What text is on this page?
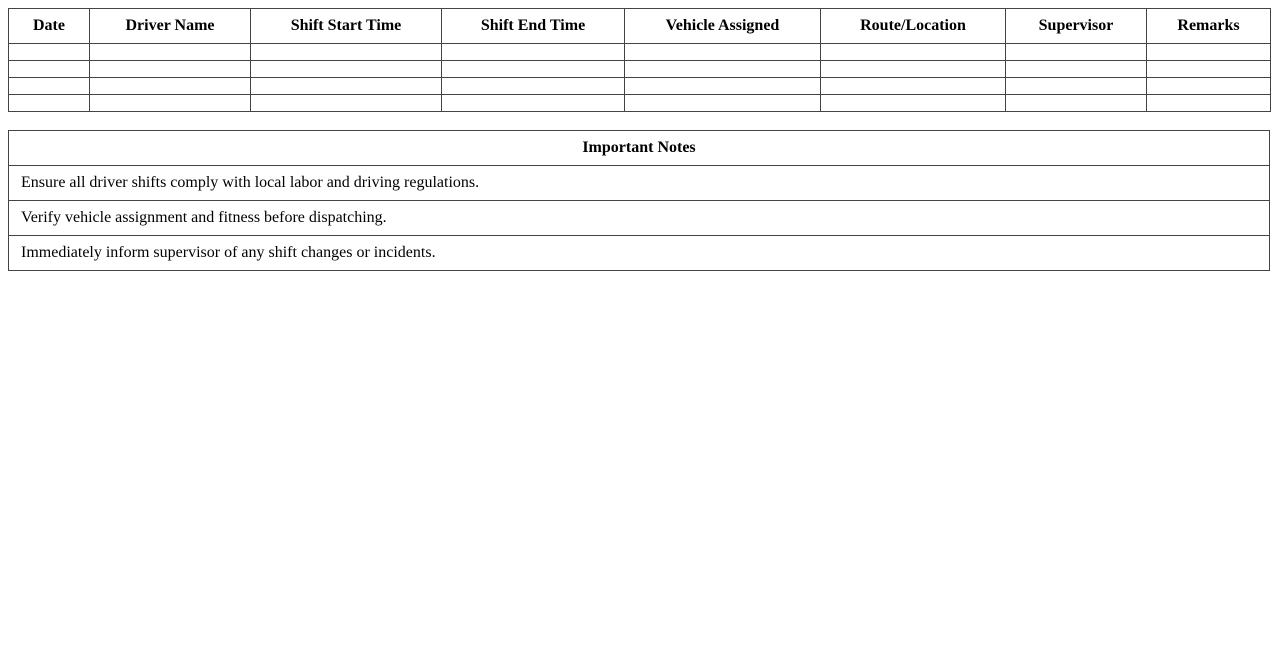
Date	Driver Name	Shift Start Time	Shift End Time	Vehicle Assigned	Route/Location	Supervisor	Remarks

Important Notes
Ensure all driver shifts comply with local labor and driving regulations.
Verify vehicle assignment and fitness before dispatching.
Immediately inform supervisor of any shift changes or incidents.
